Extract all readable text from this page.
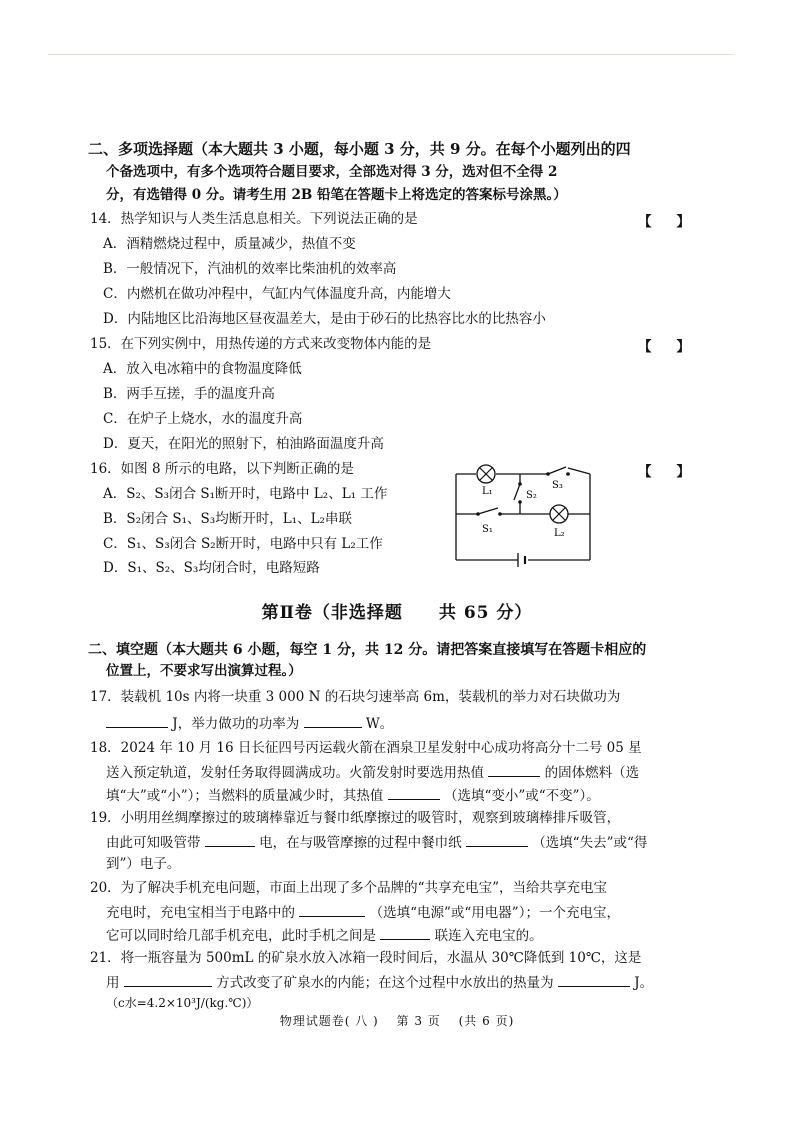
二、多项选择题（本大题共 3 小题，每小题 3 分，共 9 分。在每个小题列出的四
个备选项中，有多个选项符合题目要求，全部选对得 3 分，选对但不全得 2
分，有选错得 0 分。请考生用 2B 铅笔在答题卡上将选定的答案标号涂黑。）
14．热学知识与人类生活息息相关。下列说法正确的是	【 】
A．酒精燃烧过程中，质量减少，热值不变
B．一般情况下，汽油机的效率比柴油机的效率高
C．内燃机在做功冲程中，气缸内气体温度升高，内能增大
D．内陆地区比沿海地区昼夜温差大，是由于砂石的比热容比水的比热容小
15．在下列实例中，用热传递的方式来改变物体内能的是	【 】
A．放入电冰箱中的食物温度降低
B．两手互搓，手的温度升高
C．在炉子上烧水，水的温度升高
D．夏天，在阳光的照射下，柏油路面温度升高
16．如图 8 所示的电路，以下判断正确的是	【 】
A．S₂、S₃闭合 S₁断开时，电路中 L₂、L₁ 工作
B．S₂闭合 S₁、S₃均断开时，L₁、L₂串联
C．S₁、S₃闭合 S₂断开时，电路中只有 L₂工作
D．S₁、S₂、S₃均闭合时，电路短路
L₁
L₂
S₁
S₂
S₃
第Ⅱ卷（非选择题　　共 65 分）
二、填空题（本大题共 6 小题，每空 1 分，共 12 分。请把答案直接填写在答题卡相应的
位置上，不要求写出演算过程。）
17．装载机 10s 内将一块重 3 000 N 的石块匀速举高 6m，装载机的举力对石块做功为
J，举力做功的功率为	W。
18．2024 年 10 月 16 日长征四号丙运载火箭在酒泉卫星发射中心成功将高分十二号 05 星
送入预定轨道，发射任务取得圆满成功。火箭发射时要选用热值	的固体燃料（选
填“大”或“小”）；当燃料的质量减少时，其热值	（选填“变小”或“不变”）。
19．小明用丝绸摩擦过的玻璃棒靠近与餐巾纸摩擦过的吸管时，观察到玻璃棒排斥吸管，
由此可知吸管带	电，在与吸管摩擦的过程中餐巾纸	（选填“失去”或“得
到”）电子。
20．为了解决手机充电问题，市面上出现了多个品牌的“共享充电宝”，当给共享充电宝
充电时，充电宝相当于电路中的	（选填“电源”或“用电器”）；一个充电宝，
它可以同时给几部手机充电，此时手机之间是	联连入充电宝的。
21．将一瓶容量为 500mL 的矿泉水放入冰箱一段时间后，水温从 30℃降低到 10℃，这是
用	方式改变了矿泉水的内能；在这个过程中水放出的热量为	J。
（c水=4.2×10³J/(kg.℃)）
物理试题卷( 八 )　 第 3 页　 (共 6 页)
